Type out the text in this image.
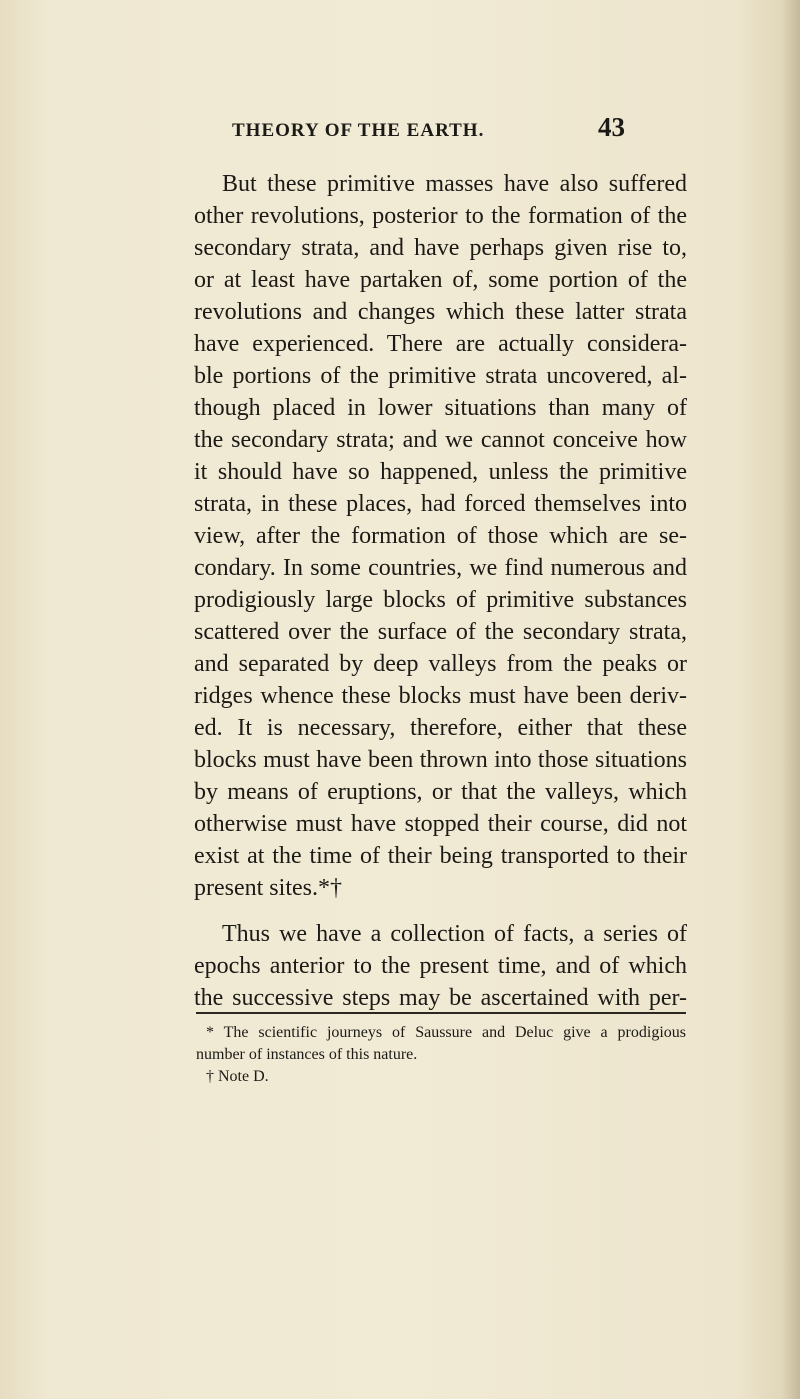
THEORY OF THE EARTH.	43
But these primitive masses have also suffered
other revolutions, posterior to the formation of the
secondary strata, and have perhaps given rise to,
or at least have partaken of, some portion of the
revolutions and changes which these latter strata
have experienced. There are actually considera-
ble portions of the primitive strata uncovered, al-
though placed in lower situations than many of
the secondary strata; and we cannot conceive how
it should have so happened, unless the primitive
strata, in these places, had forced themselves into
view, after the formation of those which are se-
condary. In some countries, we find numerous and
prodigiously large blocks of primitive substances
scattered over the surface of the secondary strata,
and separated by deep valleys from the peaks or
ridges whence these blocks must have been deriv-
ed. It is necessary, therefore, either that these
blocks must have been thrown into those situations
by means of eruptions, or that the valleys, which
otherwise must have stopped their course, did not
exist at the time of their being transported to their
present sites.*†
Thus we have a collection of facts, a series of
epochs anterior to the present time, and of which
the successive steps may be ascertained with per-
* The scientific journeys of Saussure and Deluc give a prodigious
number of instances of this nature.
† Note D.
